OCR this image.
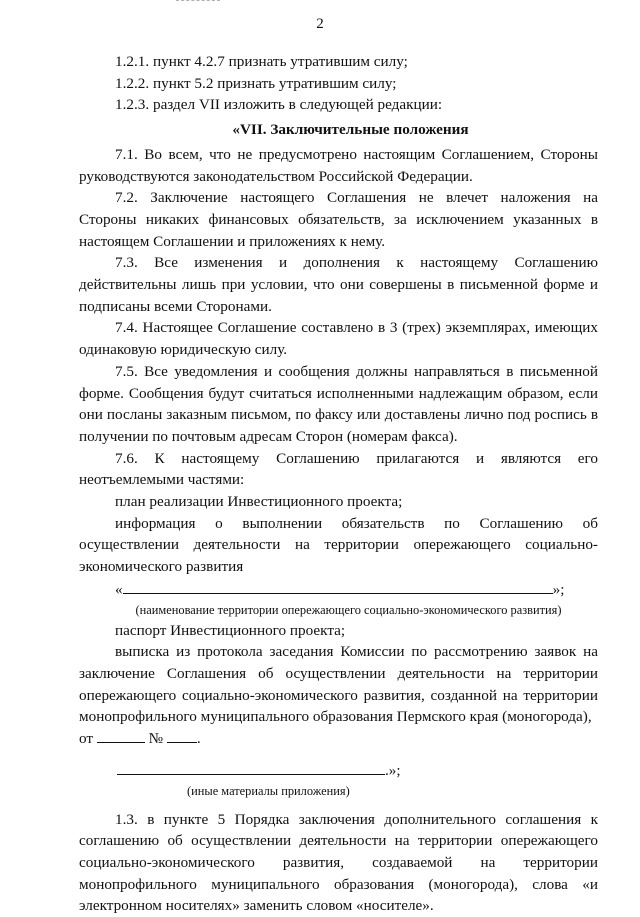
2

1.2.1. пункт 4.2.7 признать утратившим силу;

1.2.2. пункт 5.2 признать утратившим силу;

1.2.3. раздел VII изложить в следующей редакции:

«VII. Заключительные положения

7.1. Во всем, что не предусмотрено настоящим Соглашением, Стороны руководствуются законодательством Российской Федерации.

7.2. Заключение настоящего Соглашения не влечет наложения на Стороны никаких финансовых обязательств, за исключением указанных в настоящем Соглашении и приложениях к нему.

7.3. Все изменения и дополнения к настоящему Соглашению действительны лишь при условии, что они совершены в письменной форме и подписаны всеми Сторонами.

7.4. Настоящее Соглашение составлено в 3 (трех) экземплярах, имеющих одинаковую юридическую силу.

7.5. Все уведомления и сообщения должны направляться в письменной форме. Сообщения будут считаться исполненными надлежащим образом, если они посланы заказным письмом, по факсу или доставлены лично под роспись в получении по почтовым адресам Сторон (номерам факса).

7.6. К настоящему Соглашению прилагаются и являются его неотъемлемыми частями:

план реализации Инвестиционного проекта;

информация о выполнении обязательств по Соглашению об осуществлении деятельности на территории опережающего социально-экономического развития

«	»;

(наименование территории опережающего социально-экономического развития)

паспорт Инвестиционного проекта;

выписка из протокола заседания Комиссии по рассмотрению заявок на заключение Соглашения об осуществлении деятельности на территории опережающего социально-экономического развития, созданной на территории монопрофильного муниципального образования Пермского края (моногорода),

от	№ .

.»;

(иные материалы приложения)

1.3. в пункте 5 Порядка заключения дополнительного соглашения к соглашению об осуществлении деятельности на территории опережающего социально-экономического развития, создаваемой на территории монопрофильного муниципального образования (моногорода), слова «и электронном носителях» заменить словом «носителе».
